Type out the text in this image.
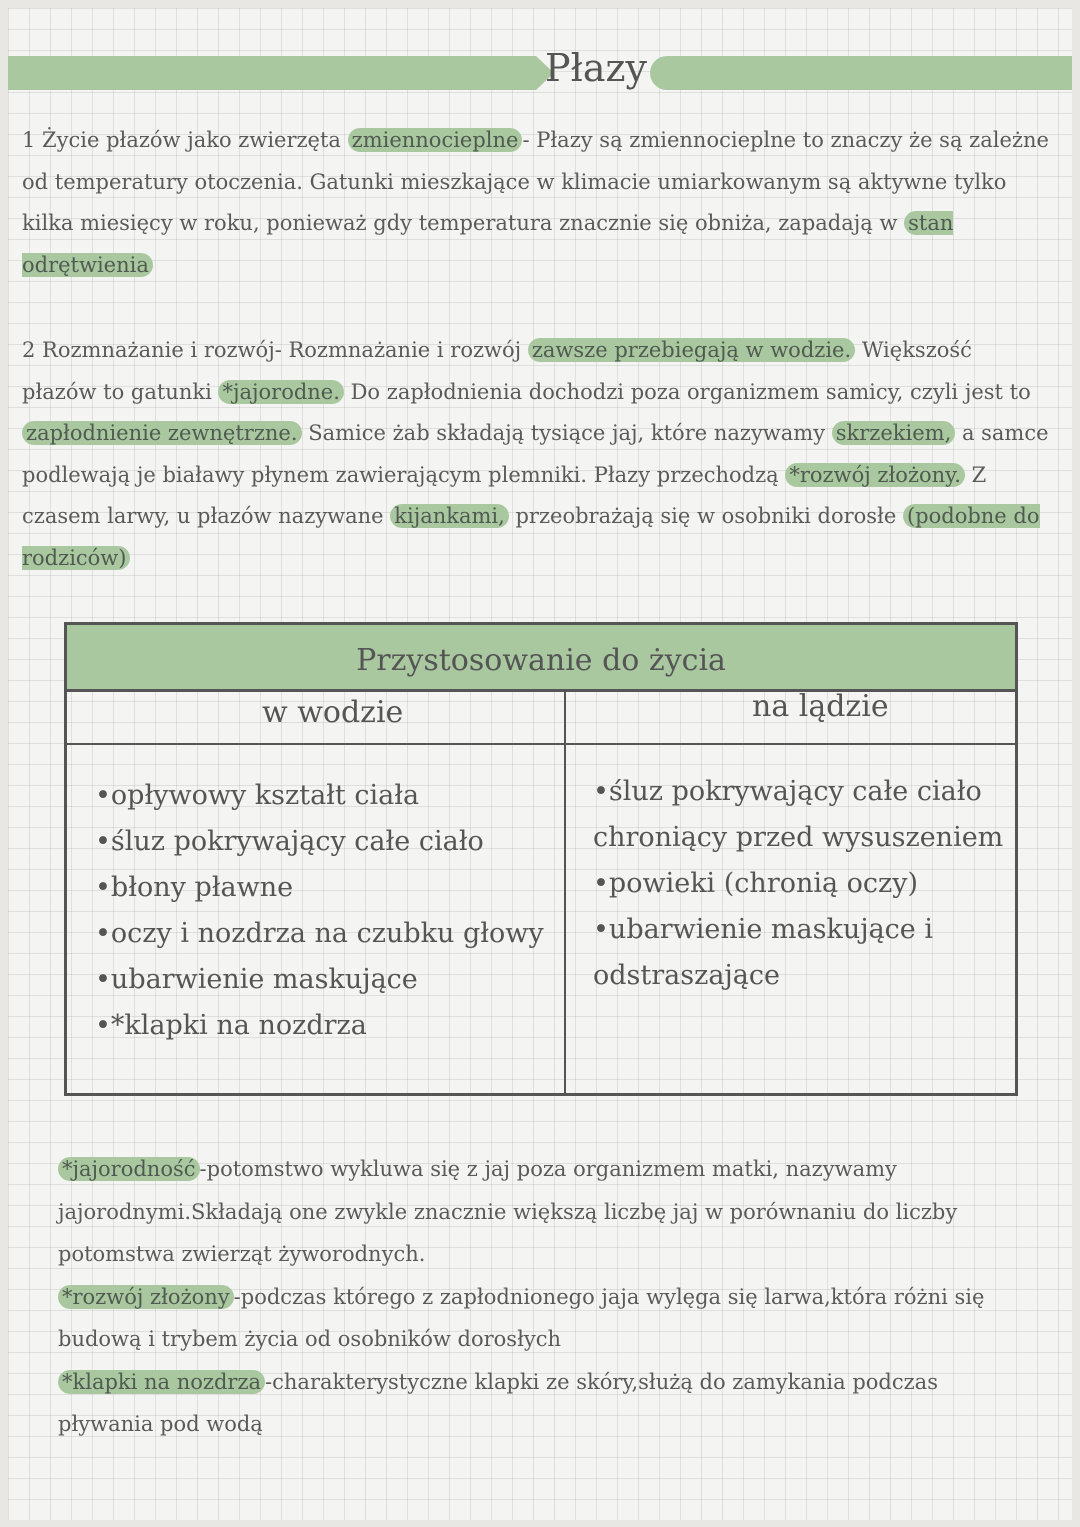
Płazy
1 Życie płazów jako zwierzęta zmiennocieplne - Płazy są zmiennocieplne to znaczy że są zależne od temperatury otoczenia. Gatunki mieszkające w klimacie umiarkowanym są aktywne tylko kilka miesięcy w roku, ponieważ gdy temperatura znacznie się obniża, zapadają w stan odrętwienia
2 Rozmnażanie i rozwój- Rozmnażanie i rozwój zawsze przebiegają w wodzie. Większość płazów to gatunki *jajorodne. Do zapłodnienia dochodzi poza organizmem samicy, czyli jest to zapłodnienie zewnętrzne. Samice żab składają tysiące jaj, które nazywamy skrzekiem, a samce podlewają je białawy płynem zawierającym plemniki. Płazy przechodzą *rozwój złożony. Z czasem larwy, u płazów nazywane kijankami, przeobrażają się w osobniki dorosłe (podobne do rodziców)
Przystosowanie do życia
w wodzie	na lądzie
•opływowy kształt ciała
•śluz pokrywający całe ciało
•błony pławne
•oczy i nozdrza na czubku głowy
•ubarwienie maskujące
•*klapki na nozdrza
•śluz pokrywający całe ciało
chroniący przed wysuszeniem
•powieki (chronią oczy)
•ubarwienie maskujące i
odstraszające
*jajorodność -potomstwo wykluwa się z jaj poza organizmem matki, nazywamy jajorodnymi.Składają one zwykle znacznie większą liczbę jaj w porównaniu do liczby potomstwa zwierząt żyworodnych.
*rozwój złożony -podczas którego z zapłodnionego jaja wylęga się larwa,która różni się budową i trybem życia od osobników dorosłych
*klapki na nozdrza -charakterystyczne klapki ze skóry,służą do zamykania podczas pływania pod wodą
